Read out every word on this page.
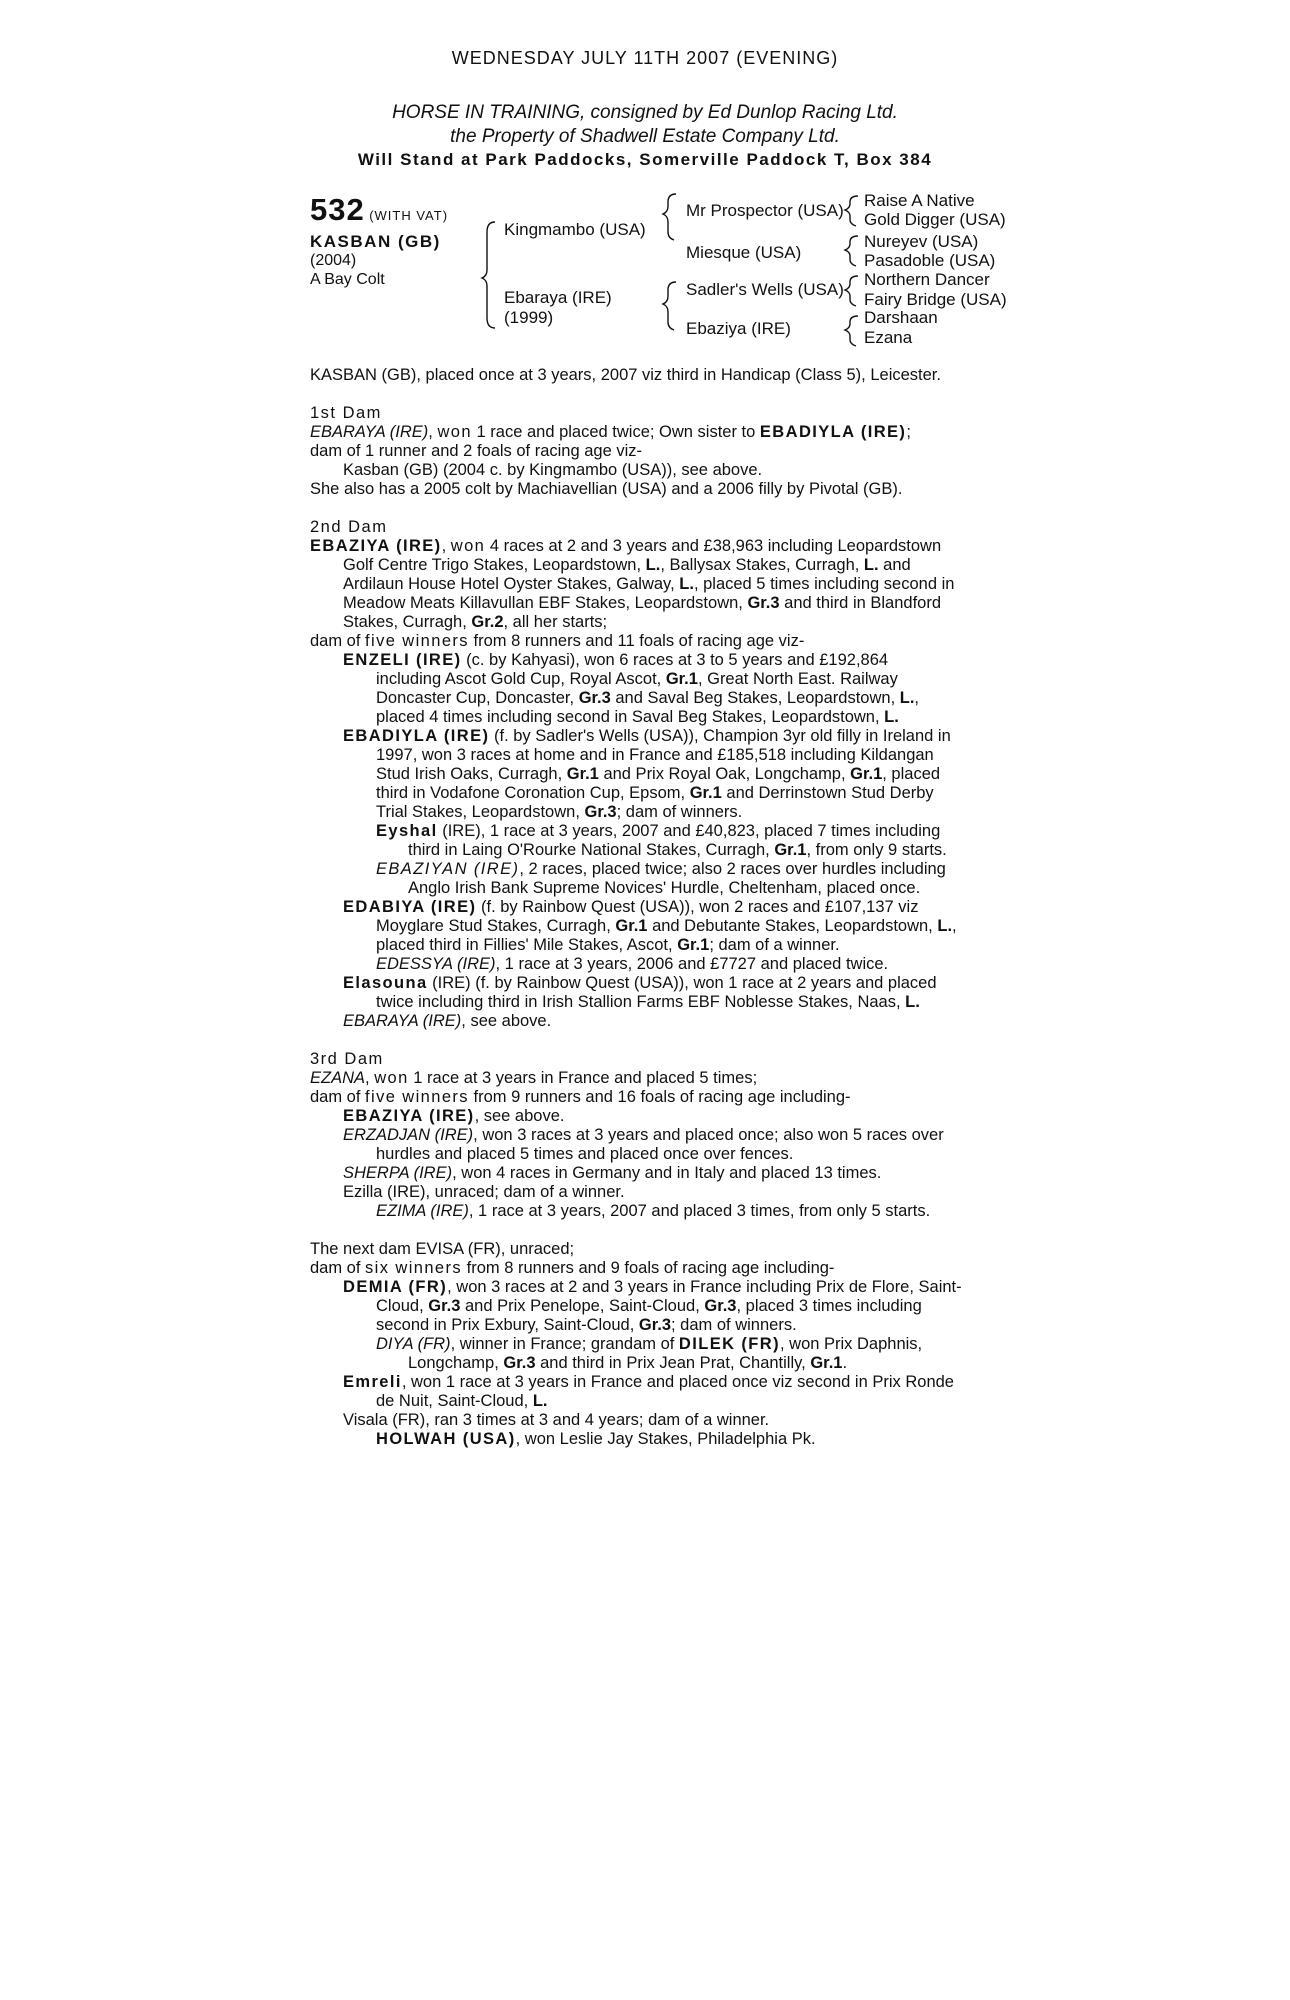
WEDNESDAY JULY 11TH 2007 (EVENING)
HORSE IN TRAINING, consigned by Ed Dunlop Racing Ltd.
the Property of Shadwell Estate Company Ltd.
Will Stand at Park Paddocks, Somerville Paddock T, Box 384
532 (WITH VAT)
KASBAN (GB)
(2004)
A Bay Colt
Kingmambo (USA)
Ebaraya (IRE)
(1999)
Mr Prospector (USA)
Miesque (USA)
Sadler's Wells (USA)
Ebaziya (IRE)
Raise A Native
Gold Digger (USA)
Nureyev (USA)
Pasadoble (USA)
Northern Dancer
Fairy Bridge (USA)
Darshaan
Ezana
KASBAN (GB), placed once at 3 years, 2007 viz third in Handicap (Class 5), Leicester.
1st Dam
EBARAYA (IRE), won 1 race and placed twice; Own sister to EBADIYLA (IRE);
dam of 1 runner and 2 foals of racing age viz-
Kasban (GB) (2004 c. by Kingmambo (USA)), see above.
She also has a 2005 colt by Machiavellian (USA) and a 2006 filly by Pivotal (GB).
2nd Dam
EBAZIYA (IRE), won 4 races at 2 and 3 years and £38,963 including Leopardstown
Golf Centre Trigo Stakes, Leopardstown, L., Ballysax Stakes, Curragh, L. and
Ardilaun House Hotel Oyster Stakes, Galway, L., placed 5 times including second in
Meadow Meats Killavullan EBF Stakes, Leopardstown, Gr.3 and third in Blandford
Stakes, Curragh, Gr.2, all her starts;
dam of five winners from 8 runners and 11 foals of racing age viz-
ENZELI (IRE) (c. by Kahyasi), won 6 races at 3 to 5 years and £192,864
including Ascot Gold Cup, Royal Ascot, Gr.1, Great North East. Railway
Doncaster Cup, Doncaster, Gr.3 and Saval Beg Stakes, Leopardstown, L.,
placed 4 times including second in Saval Beg Stakes, Leopardstown, L.
EBADIYLA (IRE) (f. by Sadler's Wells (USA)), Champion 3yr old filly in Ireland in
1997, won 3 races at home and in France and £185,518 including Kildangan
Stud Irish Oaks, Curragh, Gr.1 and Prix Royal Oak, Longchamp, Gr.1, placed
third in Vodafone Coronation Cup, Epsom, Gr.1 and Derrinstown Stud Derby
Trial Stakes, Leopardstown, Gr.3; dam of winners.
Eyshal (IRE), 1 race at 3 years, 2007 and £40,823, placed 7 times including
third in Laing O'Rourke National Stakes, Curragh, Gr.1, from only 9 starts.
EBAZIYAN (IRE), 2 races, placed twice; also 2 races over hurdles including
Anglo Irish Bank Supreme Novices' Hurdle, Cheltenham, placed once.
EDABIYA (IRE) (f. by Rainbow Quest (USA)), won 2 races and £107,137 viz
Moyglare Stud Stakes, Curragh, Gr.1 and Debutante Stakes, Leopardstown, L.,
placed third in Fillies' Mile Stakes, Ascot, Gr.1; dam of a winner.
EDESSYA (IRE), 1 race at 3 years, 2006 and £7727 and placed twice.
Elasouna (IRE) (f. by Rainbow Quest (USA)), won 1 race at 2 years and placed
twice including third in Irish Stallion Farms EBF Noblesse Stakes, Naas, L.
EBARAYA (IRE), see above.
3rd Dam
EZANA, won 1 race at 3 years in France and placed 5 times;
dam of five winners from 9 runners and 16 foals of racing age including-
EBAZIYA (IRE), see above.
ERZADJAN (IRE), won 3 races at 3 years and placed once; also won 5 races over
hurdles and placed 5 times and placed once over fences.
SHERPA (IRE), won 4 races in Germany and in Italy and placed 13 times.
Ezilla (IRE), unraced; dam of a winner.
EZIMA (IRE), 1 race at 3 years, 2007 and placed 3 times, from only 5 starts.
The next dam EVISA (FR), unraced;
dam of six winners from 8 runners and 9 foals of racing age including-
DEMIA (FR), won 3 races at 2 and 3 years in France including Prix de Flore, Saint-
Cloud, Gr.3 and Prix Penelope, Saint-Cloud, Gr.3, placed 3 times including
second in Prix Exbury, Saint-Cloud, Gr.3; dam of winners.
DIYA (FR), winner in France; grandam of DILEK (FR), won Prix Daphnis,
Longchamp, Gr.3 and third in Prix Jean Prat, Chantilly, Gr.1.
Emreli, won 1 race at 3 years in France and placed once viz second in Prix Ronde
de Nuit, Saint-Cloud, L.
Visala (FR), ran 3 times at 3 and 4 years; dam of a winner.
HOLWAH (USA), won Leslie Jay Stakes, Philadelphia Pk.
